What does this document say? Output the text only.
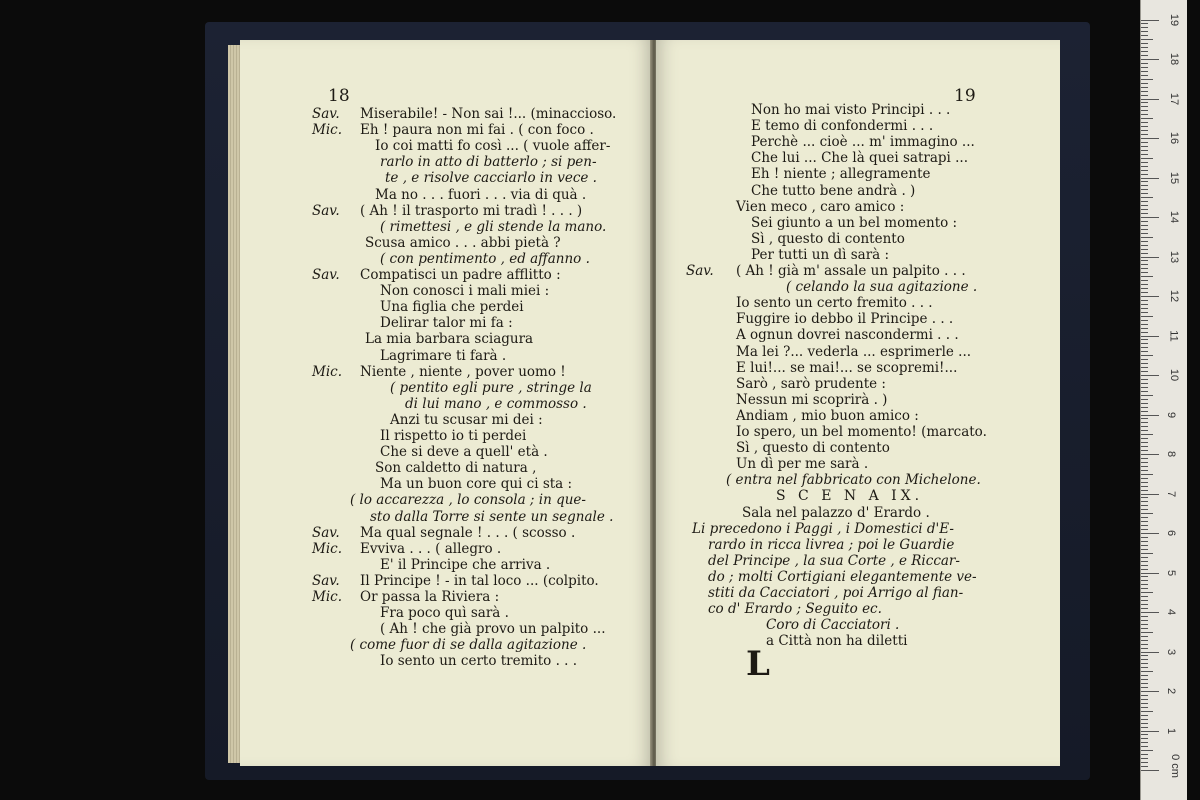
18
Sav. Miserabile! - Non sai !... (minaccioso.
Mic. Eh ! paura non mi fai . ( con foco .
Io coi matti fo così ... ( vuole affer-
rarlo in atto di batterlo ; si pen-
te , e risolve cacciarlo in vece .
Ma no . . . fuori . . . via di quà .
Sav. ( Ah ! il trasporto mi tradì ! . . . )
( rimettesi , e gli stende la mano.
Scusa amico . . . abbi pietà ?
( con pentimento , ed affanno .
Sav. Compatisci un padre afflitto :
Non conosci i mali miei :
Una figlia che perdei
Delirar talor mi fa :
La mia barbara sciagura
Lagrimare ti farà .
Mic. Niente , niente , pover uomo !
( pentito egli pure , stringe la
di lui mano , e commosso .
Anzi tu scusar mi dei :
Il rispetto io ti perdei
Che si deve a quell' età .
Son caldetto di natura ,
Ma un buon core qui ci sta :
( lo accarezza , lo consola ; in que-
sto dalla Torre si sente un segnale .
Sav. Ma qual segnale ! . . . ( scosso .
Mic. Evviva . . . ( allegro .
E' il Principe che arriva .
Sav. Il Principe ! - in tal loco ... (colpito.
Mic. Or passa la Riviera :
Fra poco quì sarà .
( Ah ! che già provo un palpito ...
( come fuor di se dalla agitazione .
Io sento un certo tremito . . .
19
Non ho mai visto Principi . . .
E temo di confondermi . . .
Perchè ... cioè ... m' immagino ...
Che lui ... Che là quei satrapi ...
Eh ! niente ; allegramente
Che tutto bene andrà . )
Vien meco , caro amico :
Sei giunto a un bel momento :
Sì , questo di contento
Per tutti un dì sarà :
Sav. ( Ah ! già m' assale un palpito . . .
( celando la sua agitazione .
Io sento un certo fremito . . .
Fuggire io debbo il Principe . . .
A ognun dovrei nascondermi . . .
Ma lei ?... vederla ... esprimerle ...
E lui!... se mai!... se scopremi!...
Sarò , sarò prudente :
Nessun mi scoprirà . )
Andiam , mio buon amico :
Io spero, un bel momento! (marcato.
Sì , questo di contento
Un dì per me sarà .
( entra nel fabbricato con Michelone.
S C E N A IX.
Sala nel palazzo d' Erardo .
Li precedono i Paggi , i Domestici d'E-
rardo in ricca livrea ; poi le Guardie
del Principe , la sua Corte , e Riccar-
do ; molti Cortigiani elegantemente ve-
stiti da Cacciatori , poi Arrigo al fian-
co d' Erardo ; Seguito ec.
Coro di Cacciatori .
a Città non ha diletti
L
19
18
17
16
15
14
13
12
11
10
9
8
7
6
5
4
3
2
1
0 cm
